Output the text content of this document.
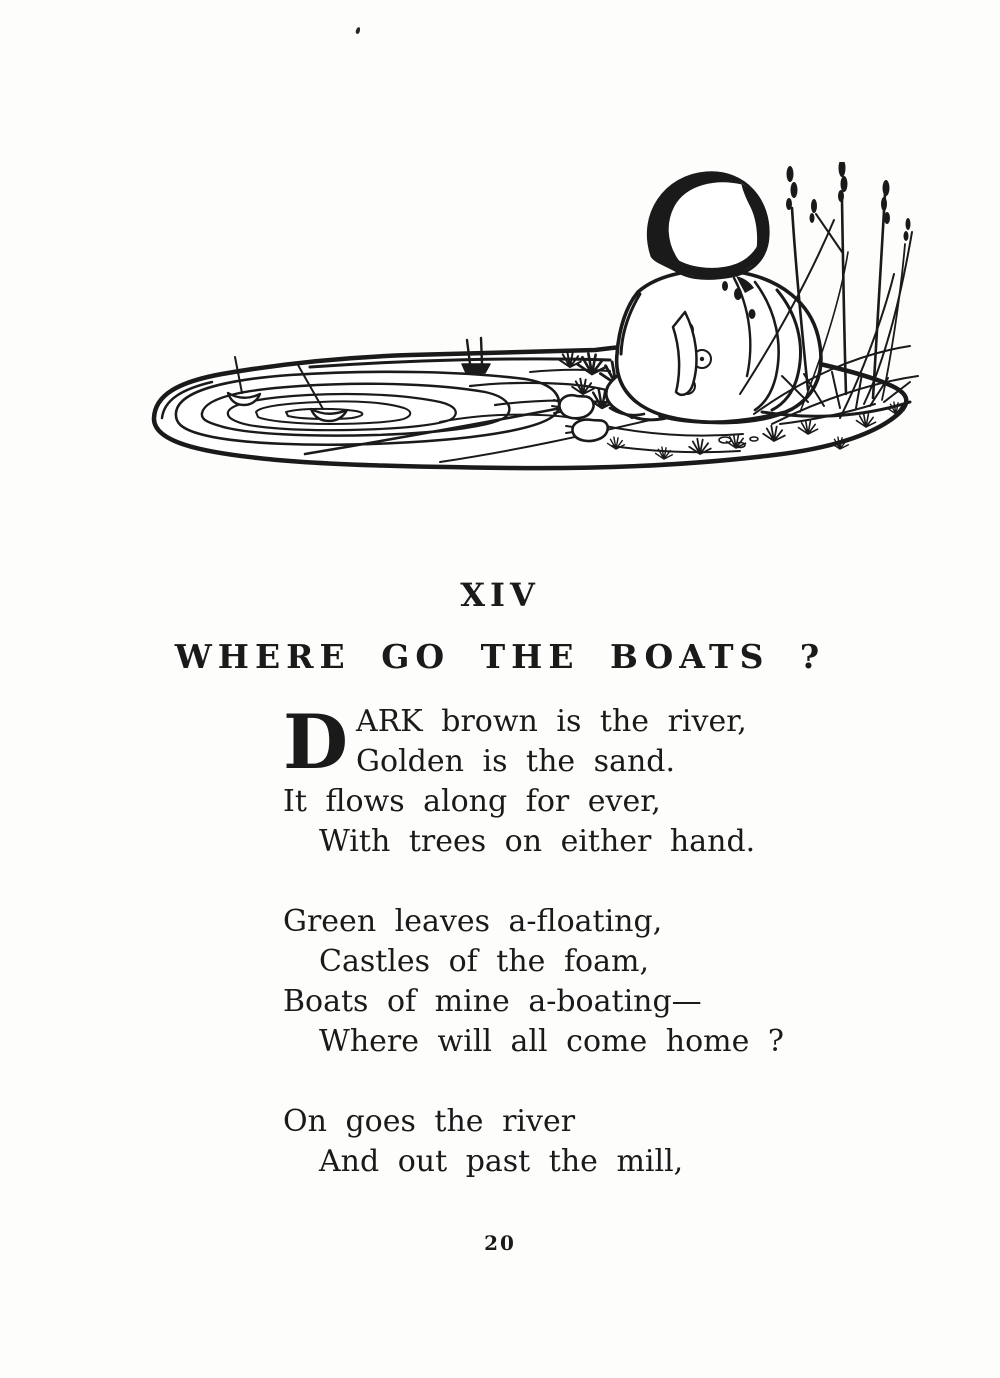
XIV
WHERE GO THE BOATS ?
D ARK brown is the river,
Golden is the sand.
It flows along for ever,
With trees on either hand.
Green leaves a-floating,
Castles of the foam,
Boats of mine a-boating—
Where will all come home ?
On goes the river
And out past the mill,
20
